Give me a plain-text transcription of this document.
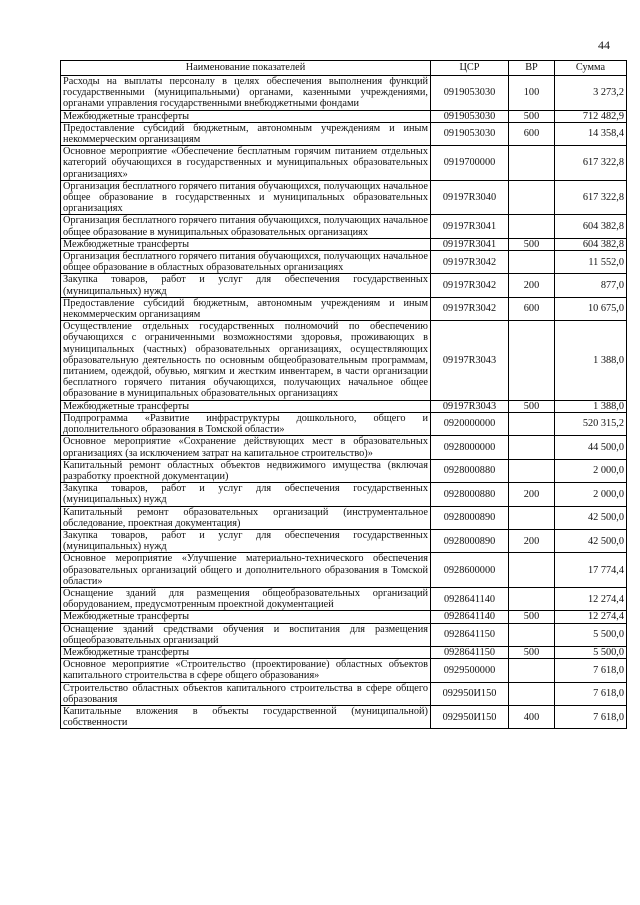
44
Наименование показателей	ЦСР	ВР	Сумма
Расходы на выплаты персоналу в целях обеспечения выполнения функций государственными (муниципальными) органами, казенными учреждениями, органами управления государственными внебюджетными фондами	0919053030	100	3 273,2
Межбюджетные трансферты	0919053030	500	712 482,9
Предоставление субсидий бюджетным, автономным учреждениям и иным некоммерческим организациям	0919053030	600	14 358,4
Основное мероприятие «Обеспечение бесплатным горячим питанием отдельных категорий обучающихся в государственных и муниципальных образовательных организациях»	0919700000		617 322,8
Организация бесплатного горячего питания обучающихся, получающих начальное общее образование в государственных и муниципальных образовательных организациях	09197R3040		617 322,8
Организация бесплатного горячего питания обучающихся, получающих начальное общее образование в муниципальных образовательных организациях	09197R3041		604 382,8
Межбюджетные трансферты	09197R3041	500	604 382,8
Организация бесплатного горячего питания обучающихся, получающих начальное общее образование в областных образовательных организациях	09197R3042		11 552,0
Закупка товаров, работ и услуг для обеспечения государственных (муниципальных) нужд	09197R3042	200	877,0
Предоставление субсидий бюджетным, автономным учреждениям и иным некоммерческим организациям	09197R3042	600	10 675,0
Осуществление отдельных государственных полномочий по обеспечению обучающихся с ограниченными возможностями здоровья, проживающих в муниципальных (частных) образовательных организациях, осуществляющих образовательную деятельность по основным общеобразовательным программам, питанием, одеждой, обувью, мягким и жестким инвентарем, в части организации бесплатного горячего питания обучающихся, получающих начальное общее образование в муниципальных образовательных организациях	09197R3043		1 388,0
Межбюджетные трансферты	09197R3043	500	1 388,0
Подпрограмма «Развитие инфраструктуры дошкольного, общего и дополнительного образования в Томской области»	0920000000		520 315,2
Основное мероприятие «Сохранение действующих мест в образовательных организациях (за исключением затрат на капитальное строительство)»	0928000000		44 500,0
Капитальный ремонт областных объектов недвижимого имущества (включая разработку проектной документации)	0928000880		2 000,0
Закупка товаров, работ и услуг для обеспечения государственных (муниципальных) нужд	0928000880	200	2 000,0
Капитальный ремонт образовательных организаций (инструментальное обследование, проектная документация)	0928000890		42 500,0
Закупка товаров, работ и услуг для обеспечения государственных (муниципальных) нужд	0928000890	200	42 500,0
Основное мероприятие «Улучшение материально-технического обеспечения образовательных организаций общего и дополнительного образования в Томской области»	0928600000		17 774,4
Оснащение зданий для размещения общеобразовательных организаций оборудованием, предусмотренным проектной документацией	0928641140		12 274,4
Межбюджетные трансферты	0928641140	500	12 274,4
Оснащение зданий средствами обучения и воспитания для размещения общеобразовательных организаций	0928641150		5 500,0
Межбюджетные трансферты	0928641150	500	5 500,0
Основное мероприятие «Строительство (проектирование) областных объектов капитального строительства в сфере общего образования»	0929500000		7 618,0
Строительство областных объектов капитального строительства в сфере общего образования	092950И150		7 618,0
Капитальные вложения в объекты государственной (муниципальной) собственности	092950И150	400	7 618,0
